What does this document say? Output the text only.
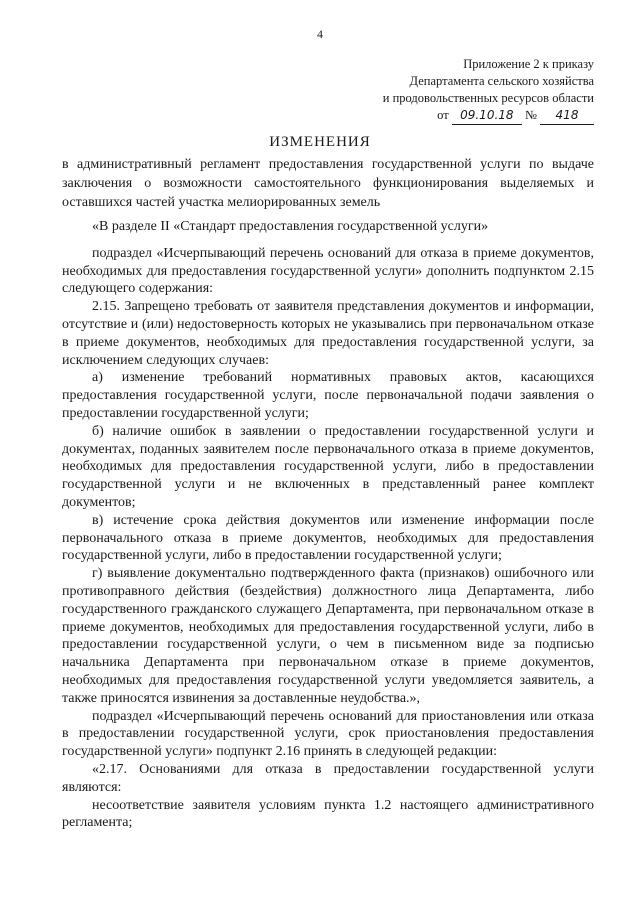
4
Приложение 2 к приказу
Департамента сельского хозяйства
и продовольственных ресурсов области
от 09.10.18 № 418
ИЗМЕНЕНИЯ
в административный регламент предоставления государственной услуги по выдаче заключения о возможности самостоятельного функционирования выделяемых и оставшихся частей участка мелиорированных земель

«В разделе II «Стандарт предоставления государственной услуги»

подраздел «Исчерпывающий перечень оснований для отказа в приеме документов, необходимых для предоставления государственной услуги» дополнить подпунктом 2.15 следующего содержания:

2.15. Запрещено требовать от заявителя представления документов и информации, отсутствие и (или) недостоверность которых не указывались при первоначальном отказе в приеме документов, необходимых для предоставления государственной услуги, за исключением следующих случаев:

а) изменение требований нормативных правовых актов, касающихся предоставления государственной услуги, после первоначальной подачи заявления о предоставлении государственной услуги;

б) наличие ошибок в заявлении о предоставлении государственной услуги и документах, поданных заявителем после первоначального отказа в приеме документов, необходимых для предоставления государственной услуги, либо в предоставлении государственной услуги и не включенных в представленный ранее комплект документов;

в) истечение срока действия документов или изменение информации после первоначального отказа в приеме документов, необходимых для предоставления государственной услуги, либо в предоставлении государственной услуги;

г) выявление документально подтвержденного факта (признаков) ошибочного или противоправного действия (бездействия) должностного лица Департамента, либо государственного гражданского служащего Департамента, при первоначальном отказе в приеме документов, необходимых для предоставления государственной услуги, либо в предоставлении государственной услуги, о чем в письменном виде за подписью начальника Департамента при первоначальном отказе в приеме документов, необходимых для предоставления государственной услуги уведомляется заявитель, а также приносятся извинения за доставленные неудобства.»,

подраздел «Исчерпывающий перечень оснований для приостановления или отказа в предоставлении государственной услуги, срок приостановления предоставления государственной услуги» подпункт 2.16 принять в следующей редакции:

«2.17. Основаниями для отказа в предоставлении государственной услуги являются:

несоответствие заявителя условиям пункта 1.2 настоящего административного регламента;
